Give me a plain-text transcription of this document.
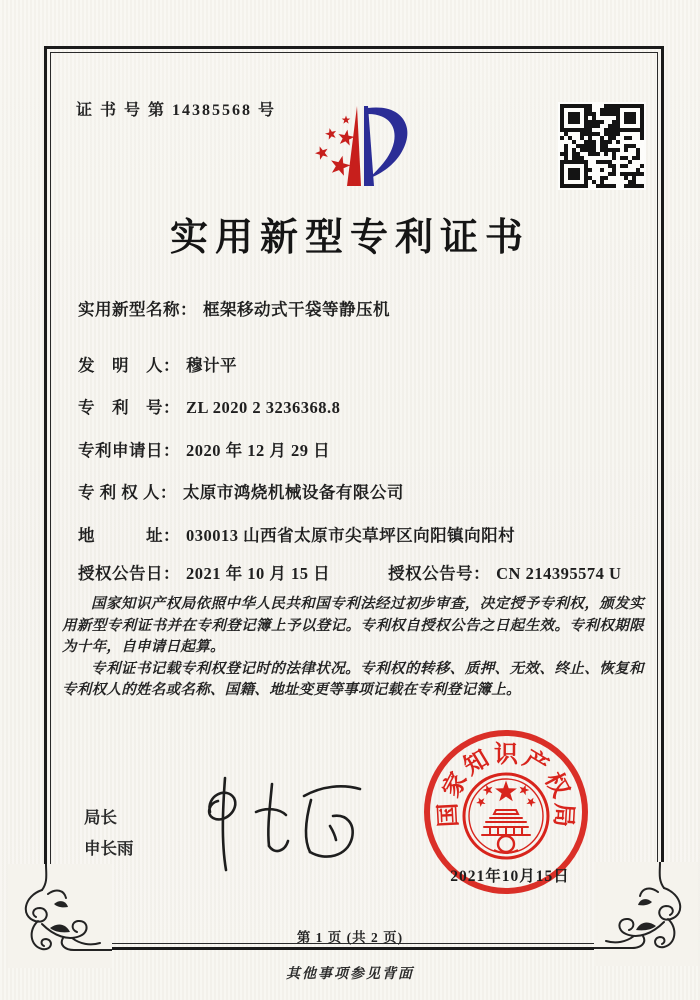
证 书 号 第 14385568 号
实用新型专利证书
实用新型名称： 框架移动式干袋等静压机
发　明　人： 穆计平
专　利　号： ZL 2020 2 3236368.8
专利申请日： 2020 年 12 月 29 日
专 利 权 人： 太原市鸿烧机械设备有限公司
地　　　址： 030013 山西省太原市尖草坪区向阳镇向阳村
授权公告日： 2021 年 10 月 15 日	授权公告号： CN 214395574 U

国家知识产权局依照中华人民共和国专利法经过初步审查，决定授予专利权，颁发实用新型专利证书并在专利登记簿上予以登记。专利权自授权公告之日起生效。专利权期限为十年，自申请日起算。

专利证书记载专利权登记时的法律状况。专利权的转移、质押、无效、终止、恢复和专利权人的姓名或名称、国籍、地址变更等事项记载在专利登记簿上。

局长
申长雨
国
家
知 识 产
权
局
2021年10月15日
第 1 页 (共 2 页)
其他事项参见背面
